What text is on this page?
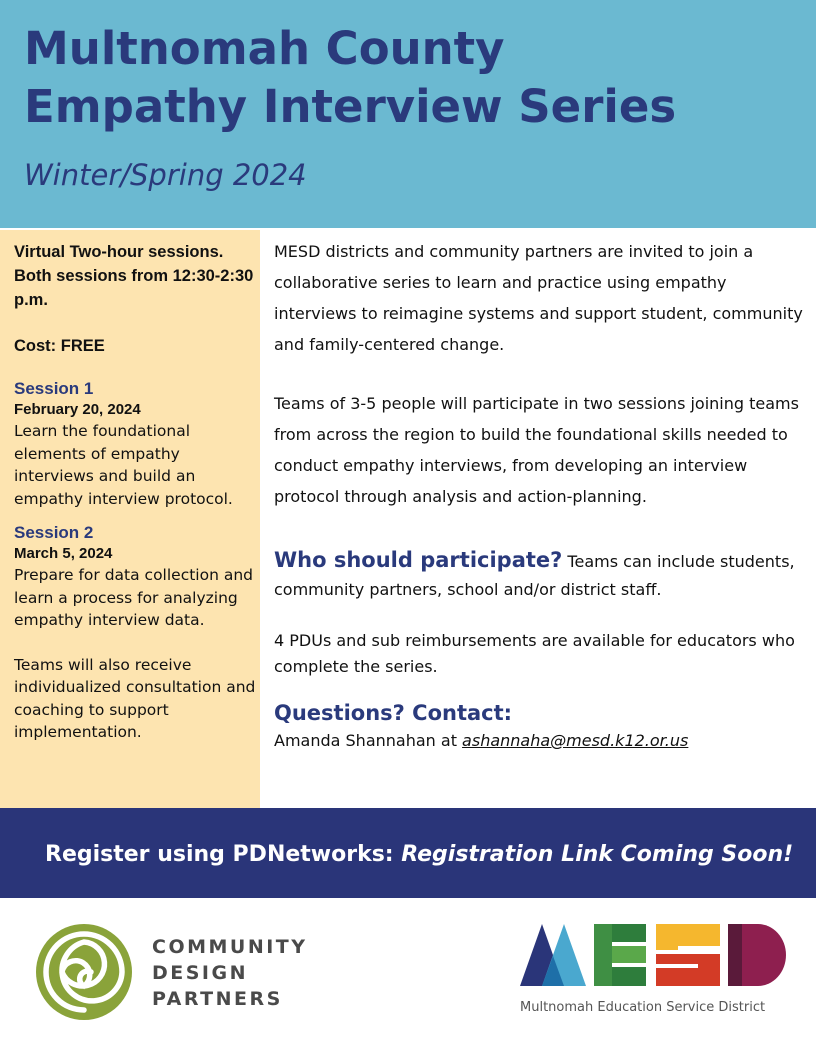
Multnomah County
Empathy Interview Series
Winter/Spring 2024
Virtual Two-hour sessions. Both sessions from 12:30-2:30 p.m.
Cost: FREE
Session 1
February 20, 2024
Learn the foundational elements of empathy interviews and build an empathy interview protocol.
Session 2
March 5, 2024
Prepare for data collection and learn a process for analyzing empathy interview data.
Teams will also receive individualized consultation and coaching to support implementation.

MESD districts and community partners are invited to join a collaborative series to learn and practice using empathy interviews to reimagine systems and support student, community and family-centered change.

Teams of 3-5 people will participate in two sessions joining teams from across the region to build the foundational skills needed to conduct empathy interviews, from developing an interview protocol through analysis and action-planning.

Who should participate? Teams can include students, community partners, school and/or district staff.
4 PDUs and sub reimbursements are available for educators who complete the series.
Questions? Contact:
Amanda Shannahan at ashannaha@mesd.k12.or.us
Register using PDNetworks: Registration Link Coming Soon!
COMMUNITY
DESIGN
PARTNERS	Multnomah Education Service District
